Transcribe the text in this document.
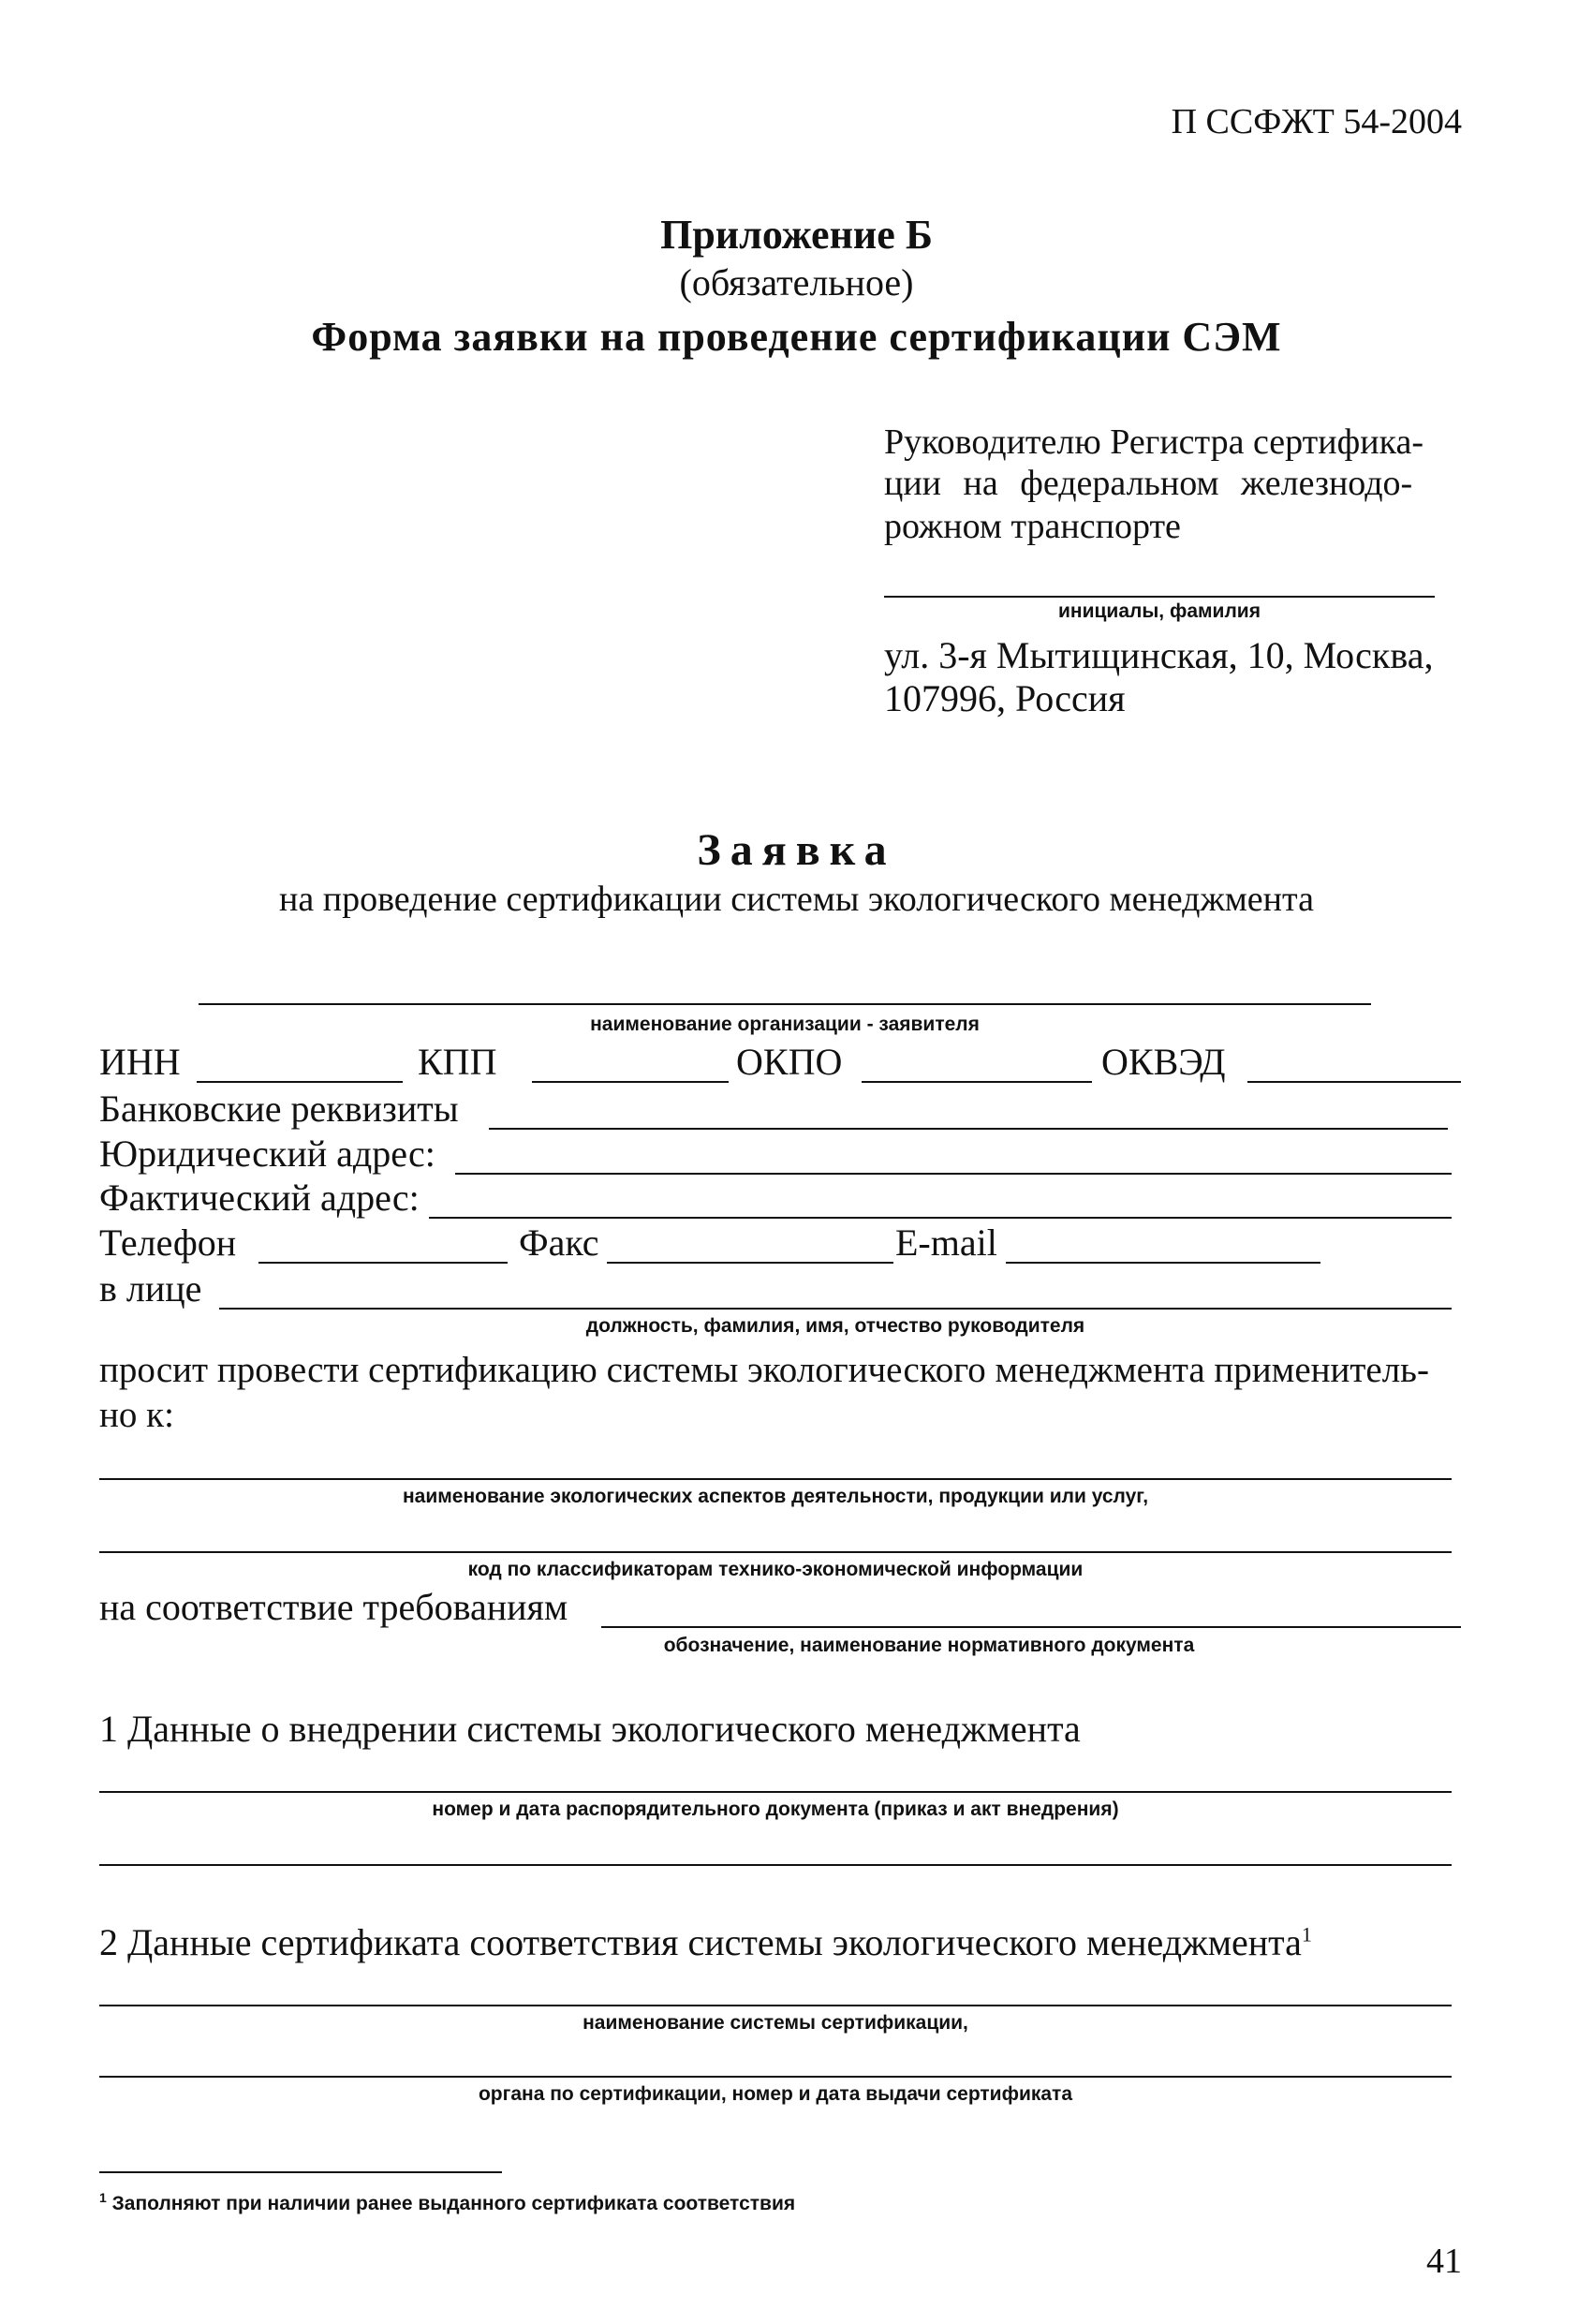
П ССФЖТ 54-2004
Приложение Б
(обязательное)
Форма заявки на проведение сертификации СЭМ
Руководителю Регистра сертифика-
ции на федеральном железнодо-
рожном транспорте
инициалы, фамилия
ул. 3-я Мытищинская, 10, Москва,
107996, Россия
Заявка
на проведение сертификации системы экологического менеджмента
наименование организации - заявителя
ИНН	КПП	ОКПО	ОКВЭД
Банковские реквизиты
Юридический адрес:
Фактический адрес:
Телефон	Факс	E-mail
в лице
должность, фамилия, имя, отчество руководителя
просит провести сертификацию системы экологического менеджмента применитель-
но к:
наименование экологических аспектов деятельности, продукции или услуг,
код по классификаторам технико-экономической информации
на соответствие требованиям
обозначение, наименование нормативного документа
1 Данные о внедрении системы экологического менеджмента
номер и дата распорядительного документа (приказ и акт внедрения)
2 Данные сертификата соответствия системы экологического менеджмента$^1$
наименование системы сертификации,
органа по сертификации, номер и дата выдачи сертификата
$^1$ Заполняют при наличии ранее выданного сертификата соответствия
41
